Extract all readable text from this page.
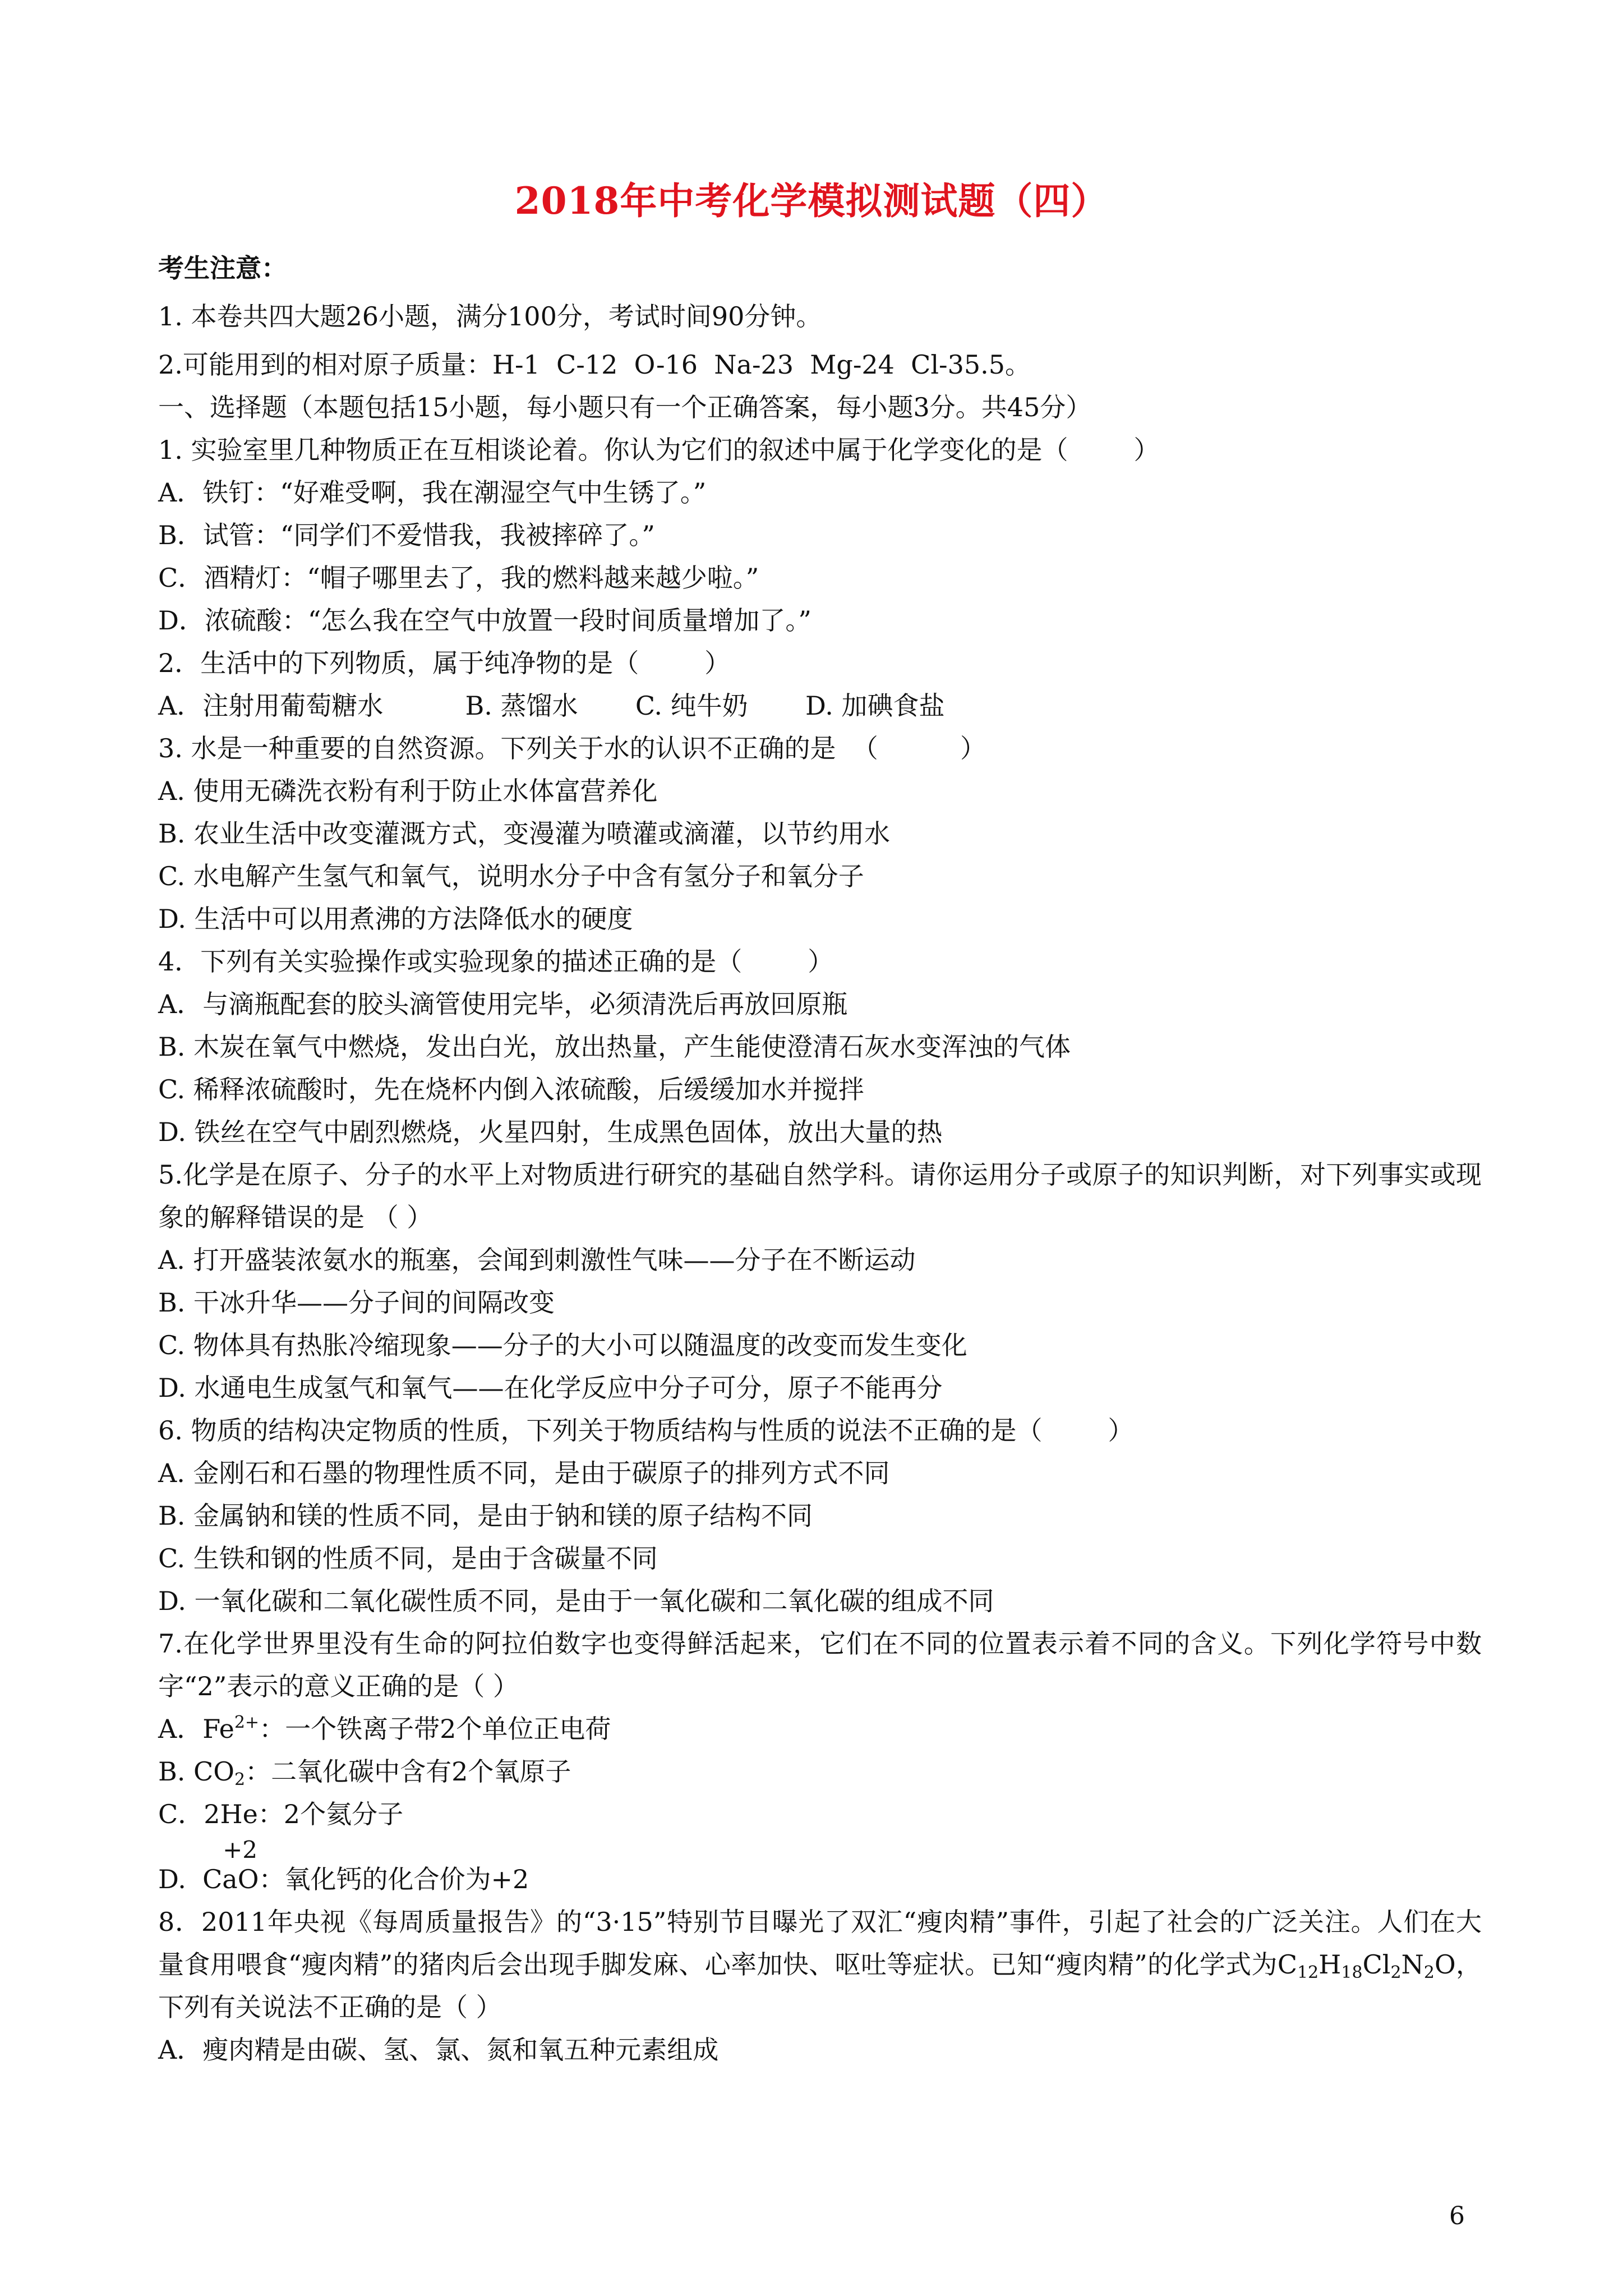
2018年中考化学模拟测试题（四）
考生注意：
1. 本卷共四大题26小题，满分100分，考试时间90分钟。
2.可能用到的相对原子质量：H-1  C-12  O-16  Na-23  Mg-24  Cl-35.5。
一、选择题（本题包括15小题，每小题只有一个正确答案，每小题3分。共45分）
1. 实验室里几种物质正在互相谈论着。你认为它们的叙述中属于化学变化的是（        ）
A．铁钉：“好难受啊，我在潮湿空气中生锈了。”
B．试管：“同学们不爱惜我，我被摔碎了。”
C．酒精灯：“帽子哪里去了，我的燃料越来越少啦。”
D．浓硫酸：“怎么我在空气中放置一段时间质量增加了。”
2．生活中的下列物质，属于纯净物的是（        ）
A．注射用葡萄糖水          B. 蒸馏水       C. 纯牛奶       D. 加碘食盐
3. 水是一种重要的自然资源。下列关于水的认识不正确的是  （          ）
A. 使用无磷洗衣粉有利于防止水体富营养化
B. 农业生活中改变灌溉方式，变漫灌为喷灌或滴灌，以节约用水
C. 水电解产生氢气和氧气，说明水分子中含有氢分子和氧分子
D. 生活中可以用煮沸的方法降低水的硬度
4．下列有关实验操作或实验现象的描述正确的是（        ）
A．与滴瓶配套的胶头滴管使用完毕，必须清洗后再放回原瓶
B. 木炭在氧气中燃烧，发出白光，放出热量，产生能使澄清石灰水变浑浊的气体
C. 稀释浓硫酸时，先在烧杯内倒入浓硫酸，后缓缓加水并搅拌
D. 铁丝在空气中剧烈燃烧，火星四射，生成黑色固体，放出大量的热
5.化学是在原子、分子的水平上对物质进行研究的基础自然学科。请你运用分子或原子的知识判断，对下列事实或现象的解释错误的是 （ ）
A. 打开盛装浓氨水的瓶塞，会闻到刺激性气味——分子在不断运动
B. 干冰升华——分子间的间隔改变
C. 物体具有热胀冷缩现象——分子的大小可以随温度的改变而发生变化
D. 水通电生成氢气和氧气——在化学反应中分子可分，原子不能再分
6. 物质的结构决定物质的性质，下列关于物质结构与性质的说法不正确的是（        ）
A. 金刚石和石墨的物理性质不同，是由于碳原子的排列方式不同
B. 金属钠和镁的性质不同，是由于钠和镁的原子结构不同
C. 生铁和钢的性质不同，是由于含碳量不同
D. 一氧化碳和二氧化碳性质不同，是由于一氧化碳和二氧化碳的组成不同
7.在化学世界里没有生命的阿拉伯数字也变得鲜活起来，它们在不同的位置表示着不同的含义。下列化学符号中数字“2”表示的意义正确的是（ ）
A．$Fe^{2+}$：一个铁离子带2个单位正电荷
B. $CO_2$：二氧化碳中含有2个氧原子
C．2He：2个氦分子
D.
+2
CaO：氧化钙的化合价为+2
8．2011年央视《每周质量报告》的“3·15”特别节目曝光了双汇“瘦肉精”事件，引起了社会的广泛关注。人们在大量食用喂食“瘦肉精”的猪肉后会出现手脚发麻、心率加快、呕吐等症状。已知“瘦肉精”的化学式为$C_{12}H_{18}Cl_2N_2O$，下列有关说法不正确的是（ ）
A．瘦肉精是由碳、氢、氯、氮和氧五种元素组成
6
